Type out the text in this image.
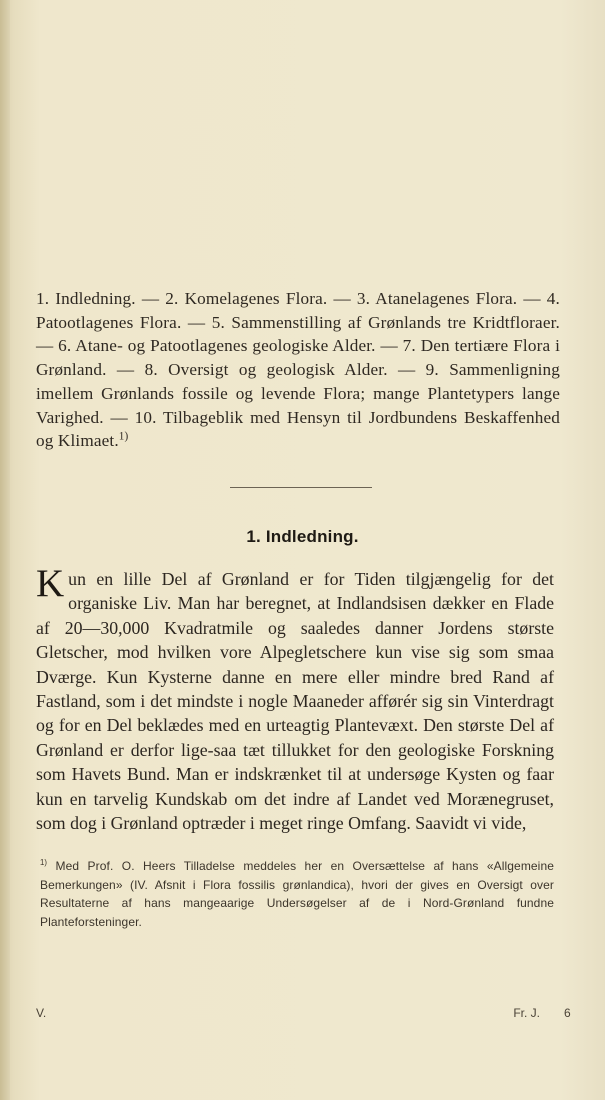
1. Indledning. — 2. Komelagenes Flora. — 3. Atanelagenes Flora. — 4. Patootlagenes Flora. — 5. Sammenstilling af Grønlands tre Kridtfloraer. — 6. Atane- og Patootlagenes geologiske Alder. — 7. Den tertiære Flora i Grønland. — 8. Oversigt og geologisk Alder. — 9. Sammenligning imellem Grønlands fossile og levende Flora; mange Plantetypers lange Varighed. — 10. Tilbageblik med Hensyn til Jordbundens Beskaffenhed og Klimaet.$^{1)}$
1. Indledning.

Kun en lille Del af Grønland er for Tiden tilgjængelig for det organiske Liv. Man har beregnet, at Indlandsisen dækker en Flade af 20—30,000 Kvadratmile og saaledes danner Jordens største Gletscher, mod hvilken vore Alpegletschere kun vise sig som smaa Dværge. Kun Kysterne danne en mere eller mindre bred Rand af Fastland, som i det mindste i nogle Maaneder afførér sig sin Vinterdragt og for en Del beklædes med en urteagtig Plantevæxt. Den største Del af Grønland er derfor lige-saa tæt tillukket for den geologiske Forskning som Havets Bund. Man er indskrænket til at undersøge Kysten og faar kun en tarvelig Kundskab om det indre af Landet ved Morænegruset, som dog i Grønland optræder i meget ringe Omfang. Saavidt vi vide,

$^{1)}$ Med Prof. O. Heers Tilladelse meddeles her en Oversættelse af hans «Allgemeine Bemerkungen» (IV. Afsnit i Flora fossilis grønlandica), hvori der gives en Oversigt over Resultaterne af hans mangeaarige Undersøgelser af de i Nord-Grønland fundne Planteforsteninger.

V.	Fr. J. 6
